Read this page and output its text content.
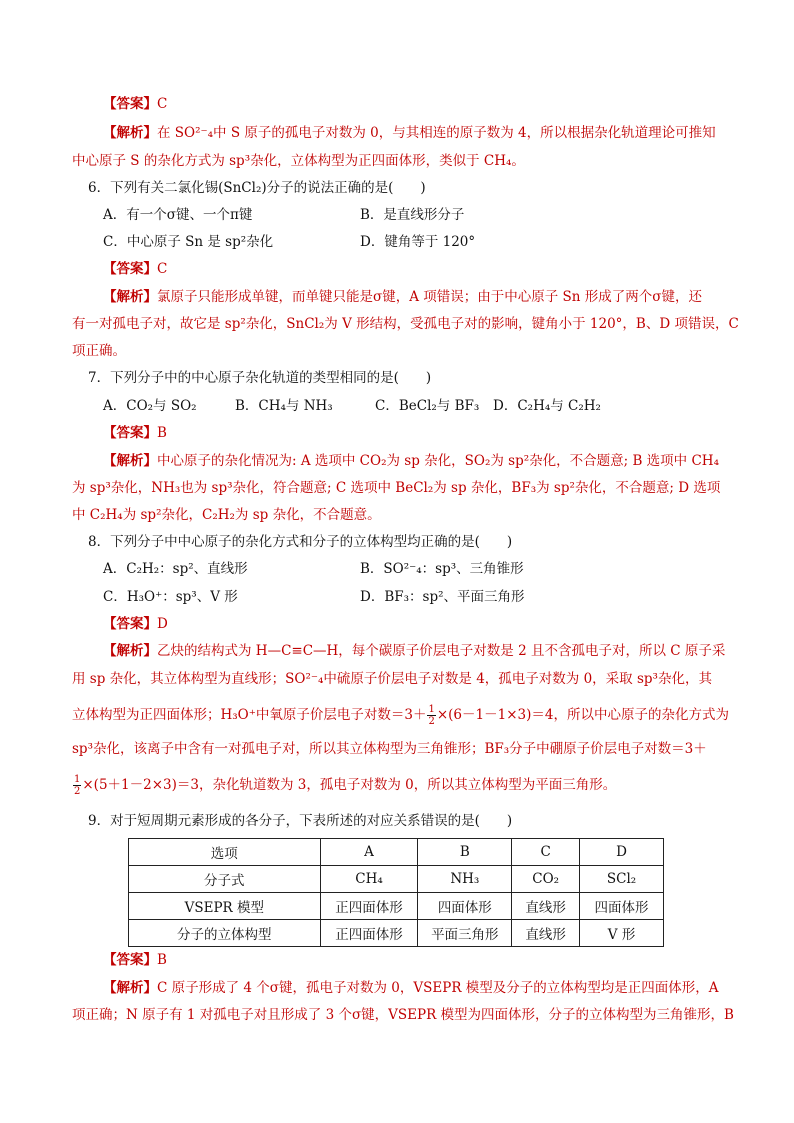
【答案】C
【解析】在 SO²⁻₄中 S 原子的孤电子对数为 0，与其相连的原子数为 4，所以根据杂化轨道理论可推知
中心原子 S 的杂化方式为 sp³杂化，立体构型为正四面体形，类似于 CH₄。
6．下列有关二氯化锡(SnCl₂)分子的说法正确的是(　　)
A．有一个σ键、一个π键	B．是直线形分子
C．中心原子 Sn 是 sp²杂化	D．键角等于 120°
【答案】C
【解析】氯原子只能形成单键，而单键只能是σ键，A 项错误；由于中心原子 Sn 形成了两个σ键，还
有一对孤电子对，故它是 sp²杂化，SnCl₂为 V 形结构，受孤电子对的影响，键角小于 120°，B、D 项错误，C
项正确。
7．下列分子中的中心原子杂化轨道的类型相同的是(　　)
A．CO₂与 SO₂	B．CH₄与 NH₃	C．BeCl₂与 BF₃ D．C₂H₄与 C₂H₂
【答案】B
【解析】中心原子的杂化情况为: A 选项中 CO₂为 sp 杂化，SO₂为 sp²杂化，不合题意; B 选项中 CH₄
为 sp³杂化，NH₃也为 sp³杂化，符合题意; C 选项中 BeCl₂为 sp 杂化，BF₃为 sp²杂化，不合题意; D 选项
中 C₂H₄为 sp²杂化，C₂H₂为 sp 杂化，不合题意。
8．下列分子中中心原子的杂化方式和分子的立体构型均正确的是(　　)
A．C₂H₂：sp²、直线形	B．SO²⁻₄：sp³、三角锥形
C．H₃O⁺：sp³、V 形	D．BF₃：sp²、平面三角形
【答案】D
【解析】乙炔的结构式为 H—C≡C—H，每个碳原子价层电子对数是 2 且不含孤电子对，所以 C 原子采
用 sp 杂化，其立体构型为直线形；SO²⁻₄中硫原子价层电子对数是 4，孤电子对数为 0，采取 sp³杂化，其
立体构型为正四面体形；H₃O⁺中氧原子价层电子对数$=3+ \frac{1}{2} \times(6-1-1\times 3)=4$，所以中心原子的杂化方式为
sp³杂化，该离子中含有一对孤电子对，所以其立体构型为三角锥形；BF₃分子中硼原子价层电子对数＝3＋
$\frac{1}{2} \times(5+1-2\times 3)=3$，杂化轨道数为 3，孤电子对数为 0，所以其立体构型为平面三角形。
9．对于短周期元素形成的各分子，下表所述的对应关系错误的是(　　)
选项	A	B	C	D
分子式	CH₄	NH₃	CO₂	SCl₂
VSEPR 模型	正四面体形	四面体形	直线形	四面体形
分子的立体构型	正四面体形	平面三角形	直线形	V 形
【答案】B
【解析】C 原子形成了 4 个σ键，孤电子对数为 0，VSEPR 模型及分子的立体构型均是正四面体形，A
项正确；N 原子有 1 对孤电子对且形成了 3 个σ键，VSEPR 模型为四面体形，分子的立体构型为三角锥形，B
